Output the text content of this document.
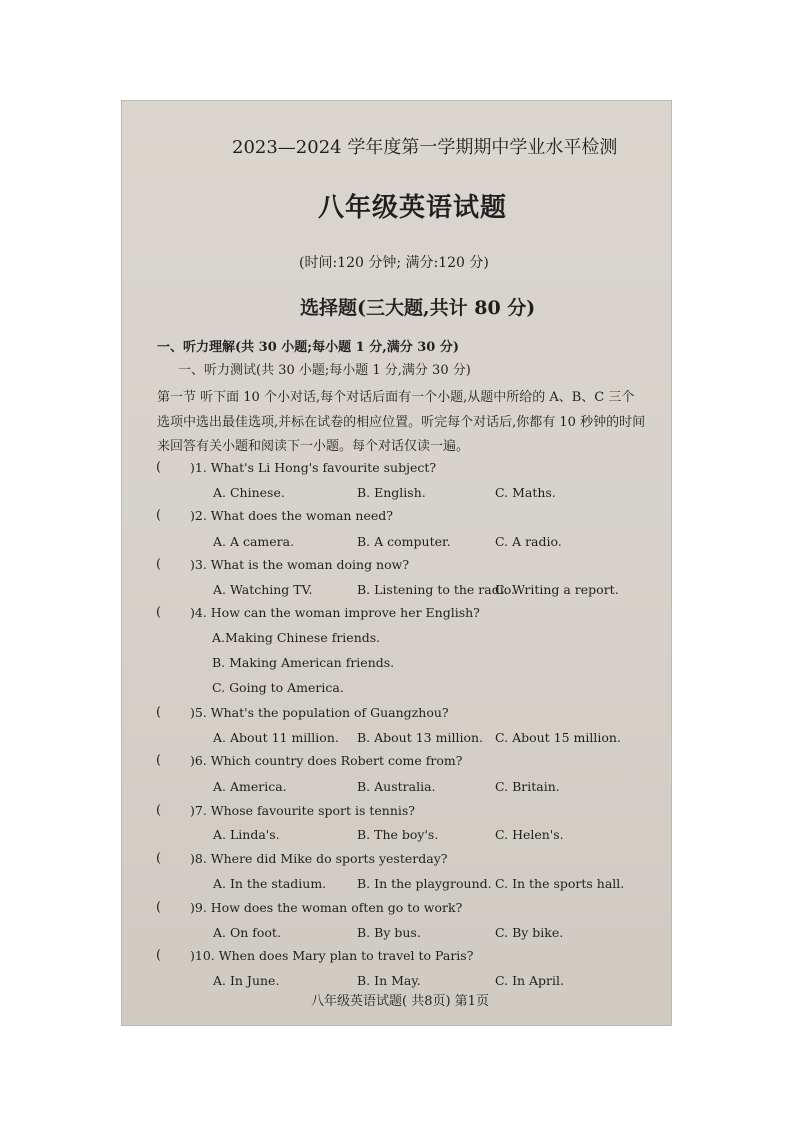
2023—2024 学年度第一学期期中学业水平检测
八年级英语试题
(时间:120 分钟; 满分:120 分)
选择题(三大题,共计 80 分)
一、听力理解(共 30 小题;每小题 1 分,满分 30 分)
一、听力测试(共 30 小题;每小题 1 分,满分 30 分)
第一节 听下面 10 个小对话,每个对话后面有一个小题,从题中所给的 A、B、C 三个
选项中选出最佳选项,并标在试卷的相应位置。听完每个对话后,你都有 10 秒钟的时间
来回答有关小题和阅读下一小题。每个对话仅读一遍。
( )1. What's Li Hong's favourite subject?
A. Chinese.	B. English.	C. Maths.
( )2. What does the woman need?
A. A camera.	B. A computer.	C. A radio.
( )3. What is the woman doing now?
A. Watching TV.	B. Listening to the radio.
C. Writing a report.
( )4. How can the woman improve her English?
A.Making Chinese friends.
B. Making American friends.
C. Going to America.
( )5. What's the population of Guangzhou?
A. About 11 million. B. About 13 million. C. About 15 million.
( )6. Which country does Robert come from?
A. America.	B. Australia.	C. Britain.
( )7. Whose favourite sport is tennis?
A. Linda's.	B. The boy's.	C. Helen's.
( )8. Where did Mike do sports yesterday?
A. In the stadium. B. In the playground. C. In the sports hall.
( )9. How does the woman often go to work?
A. On foot.	B. By bus.	C. By bike.
( )10. When does Mary plan to travel to Paris?
A. In June.	B. In May.	C. In April.
八年级英语试题( 共8页) 第1页
